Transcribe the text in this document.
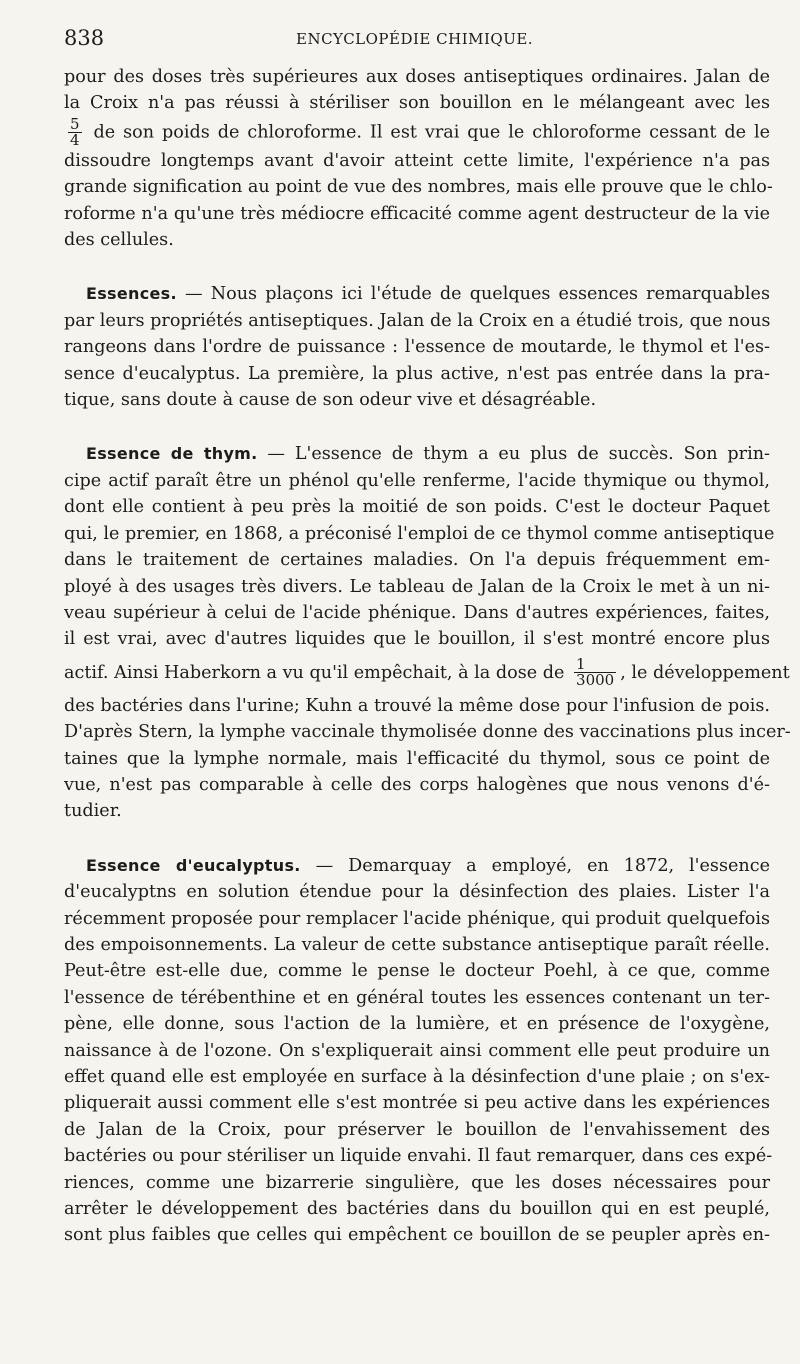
838	ENCYCLOPÉDIE CHIMIQUE.
pour des doses très supérieures aux doses antiseptiques ordinaires. Jalan de
la Croix n'a pas réussi à stériliser son bouillon en le mélangeant avec les
$\frac{5}{4}$ de son poids de chloroforme. Il est vrai que le chloroforme cessant de le
dissoudre longtemps avant d'avoir atteint cette limite, l'expérience n'a pas
grande signification au point de vue des nombres, mais elle prouve que le chlo-
roforme n'a qu'une très médiocre efficacité comme agent destructeur de la vie
des cellules.
Essences. — Nous plaçons ici l'étude de quelques essences remarquables
par leurs propriétés antiseptiques. Jalan de la Croix en a étudié trois, que nous
rangeons dans l'ordre de puissance : l'essence de moutarde, le thymol et l'es-
sence d'eucalyptus. La première, la plus active, n'est pas entrée dans la pra-
tique, sans doute à cause de son odeur vive et désagréable.
Essence de thym. — L'essence de thym a eu plus de succès. Son prin-
cipe actif paraît être un phénol qu'elle renferme, l'acide thymique ou thymol,
dont elle contient à peu près la moitié de son poids. C'est le docteur Paquet
qui, le premier, en 1868, a préconisé l'emploi de ce thymol comme antiseptique
dans le traitement de certaines maladies. On l'a depuis fréquemment em-
ployé à des usages très divers. Le tableau de Jalan de la Croix le met à un ni-
veau supérieur à celui de l'acide phénique. Dans d'autres expériences, faites,
il est vrai, avec d'autres liquides que le bouillon, il s'est montré encore plus
actif. Ainsi Haberkorn a vu qu'il empêchait, à la dose de $\frac{1}{3000}$ , le développement
des bactéries dans l'urine; Kuhn a trouvé la même dose pour l'infusion de pois.
D'après Stern, la lymphe vaccinale thymolisée donne des vaccinations plus incer-
taines que la lymphe normale, mais l'efficacité du thymol, sous ce point de
vue, n'est pas comparable à celle des corps halogènes que nous venons d'é-
tudier.
Essence d'eucalyptus. — Demarquay a employé, en 1872, l'essence
d'eucalyptns en solution étendue pour la désinfection des plaies. Lister l'a
récemment proposée pour remplacer l'acide phénique, qui produit quelquefois
des empoisonnements. La valeur de cette substance antiseptique paraît réelle.
Peut-être est-elle due, comme le pense le docteur Poehl, à ce que, comme
l'essence de térébenthine et en général toutes les essences contenant un ter-
pène, elle donne, sous l'action de la lumière, et en présence de l'oxygène,
naissance à de l'ozone. On s'expliquerait ainsi comment elle peut produire un
effet quand elle est employée en surface à la désinfection d'une plaie ; on s'ex-
pliquerait aussi comment elle s'est montrée si peu active dans les expériences
de Jalan de la Croix, pour préserver le bouillon de l'envahissement des
bactéries ou pour stériliser un liquide envahi. Il faut remarquer, dans ces expé-
riences, comme une bizarrerie singulière, que les doses nécessaires pour
arrêter le développement des bactéries dans du bouillon qui en est peuplé,
sont plus faibles que celles qui empêchent ce bouillon de se peupler après en-
